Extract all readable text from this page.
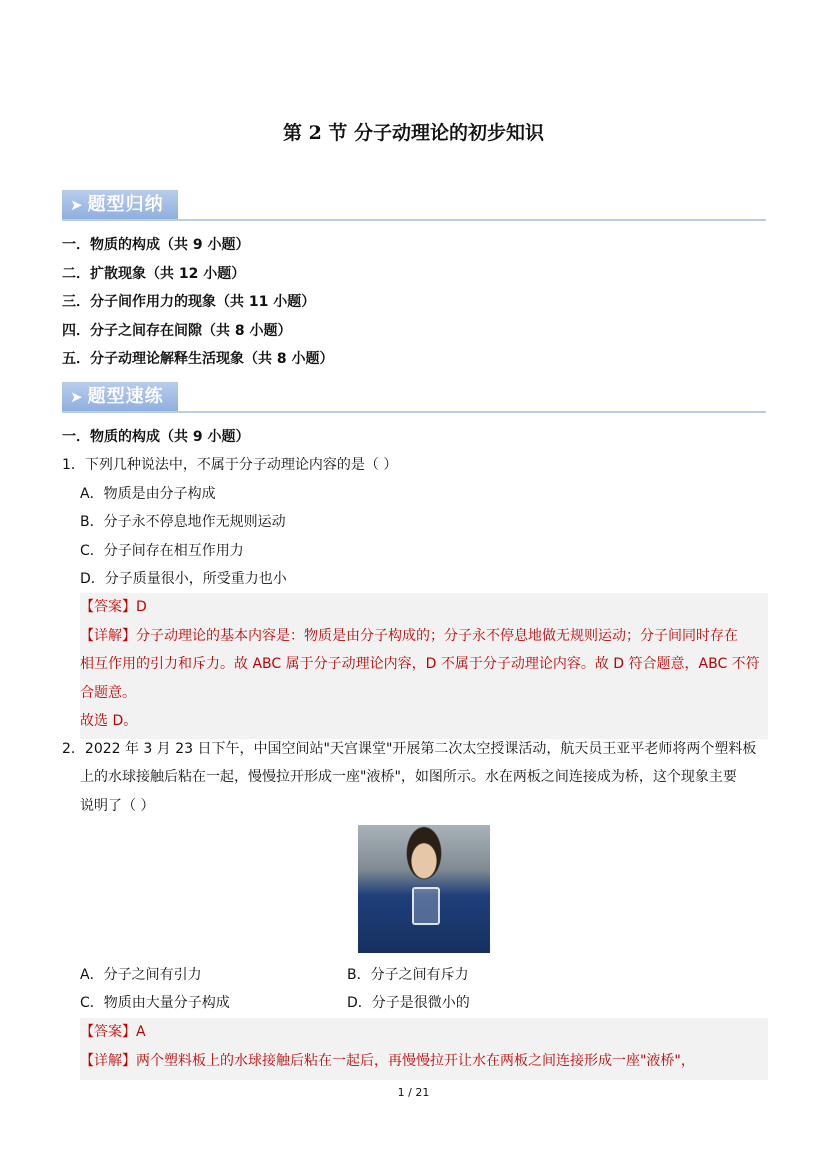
第 2 节 分子动理论的初步知识
➤ 题型归纳
一．物质的构成（共 9 小题）
二．扩散现象（共 12 小题）
三．分子间作用力的现象（共 11 小题）
四．分子之间存在间隙（共 8 小题）
五．分子动理论解释生活现象（共 8 小题）
➤ 题型速练
一．物质的构成（共 9 小题）
1．下列几种说法中，不属于分子动理论内容的是（ ）
A．物质是由分子构成
B．分子永不停息地作无规则运动
C．分子间存在相互作用力
D．分子质量很小，所受重力也小

【答案】D

【详解】分子动理论的基本内容是：物质是由分子构成的；分子永不停息地做无规则运动；分子间同时存在

相互作用的引力和斥力。故 ABC 属于分子动理论内容，D 不属于分子动理论内容。故 D 符合题意，ABC 不符

合题意。

故选 D。

2．2022 年 3 月 23 日下午，中国空间站"天宫课堂"开展第二次太空授课活动，航天员王亚平老师将两个塑料板
上的水球接触后粘在一起，慢慢拉开形成一座"液桥"，如图所示。水在两板之间连接成为桥，这个现象主要
说明了（ ）
A．分子之间有引力	B．分子之间有斥力
C．物质由大量分子构成	D．分子是很微小的

【答案】A

【详解】两个塑料板上的水球接触后粘在一起后，再慢慢拉开让水在两板之间连接形成一座"液桥"，

1 / 21
